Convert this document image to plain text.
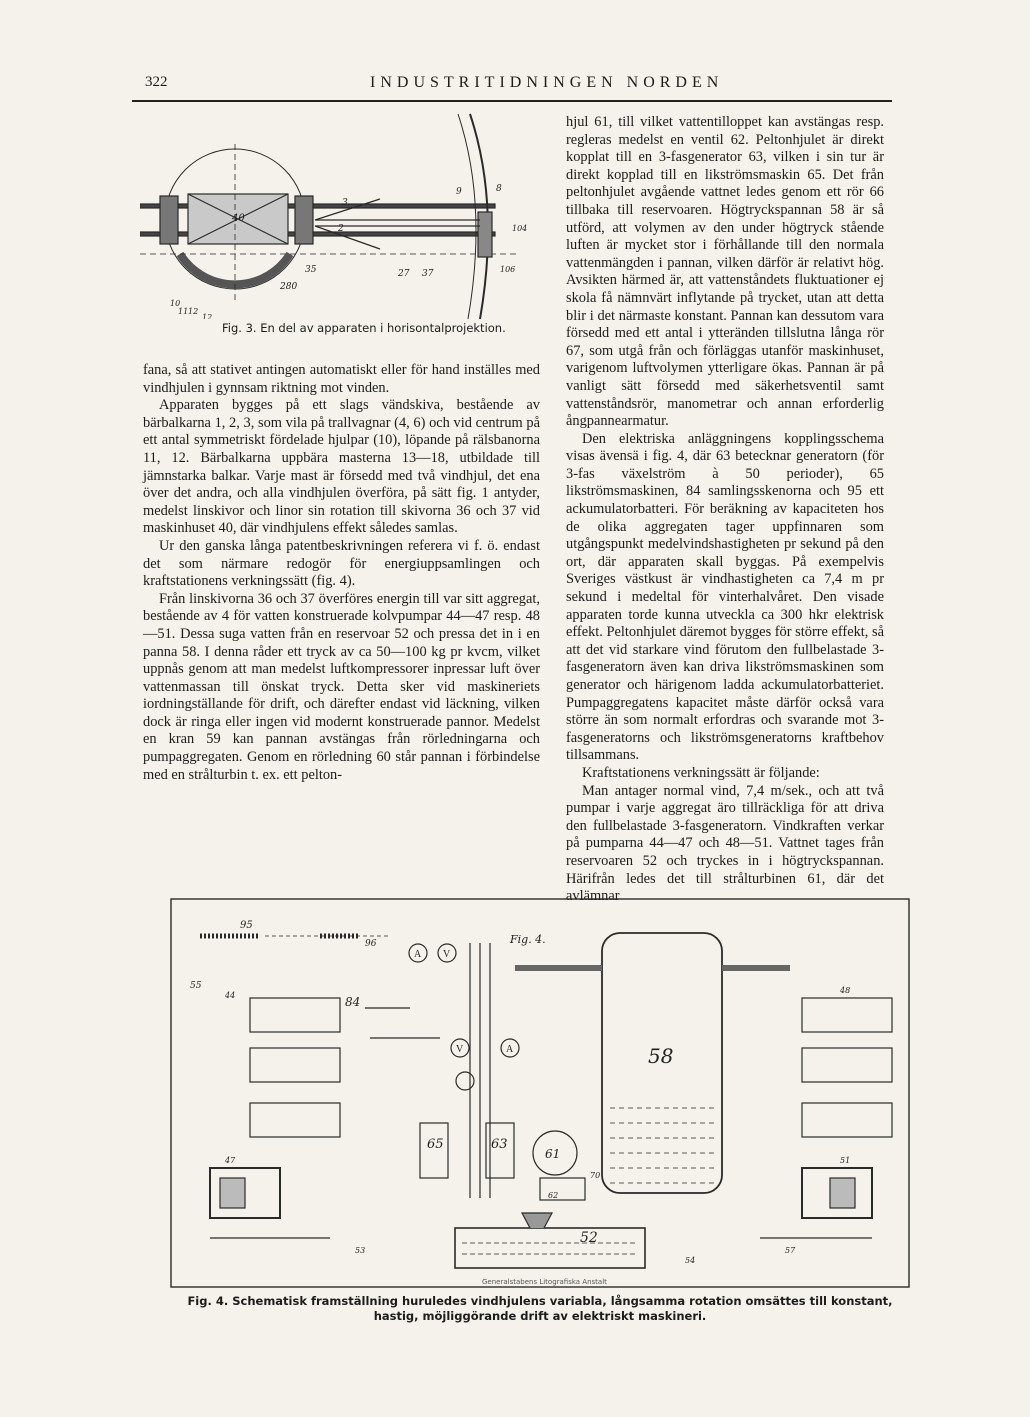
322	INDUSTRITIDNINGEN NORDEN
3
9	8
40
2	104
12
35
280
27 37	106
10
11
12
Fig. 3. En del av apparaten i horisontalprojektion.

fana, så att stativet antingen automatiskt eller för hand inställes med vindhjulen i gynnsam riktning mot vinden.

Apparaten bygges på ett slags vändskiva, bestående av bärbalkarna 1, 2, 3, som vila på trallvagnar (4, 6) och vid centrum på ett antal symmetriskt fördelade hjulpar (10), löpande på rälsbanorna 11, 12. Bärbalkarna uppbära masterna 13—18, utbildade till jämnstarka balkar. Varje mast är försedd med två vindhjul, det ena över det andra, och alla vindhjulen överföra, på sätt fig. 1 antyder, medelst linskivor och linor sin rotation till skivorna 36 och 37 vid maskinhuset 40, där vindhjulens effekt således samlas.

Ur den ganska långa patentbeskrivningen referera vi f. ö. endast det som närmare redogör för energiuppsamlingen och kraftstationens verkningssätt (fig. 4).

Från linskivorna 36 och 37 överföres energin till var sitt aggregat, bestående av 4 för vatten konstruerade kolvpumpar 44—47 resp. 48—51. Dessa suga vatten från en reservoar 52 och pressa det in i en panna 58. I denna råder ett tryck av ca 50—100 kg pr kvcm, vilket uppnås genom att man medelst luftkompressorer inpressar luft över vattenmassan till önskat tryck. Detta sker vid maskineriets iordningställande för drift, och därefter endast vid läckning, vilken dock är ringa eller ingen vid modernt konstruerade pannor. Medelst en kran 59 kan pannan avstängas från rörledningarna och pumpaggregaten. Genom en rörledning 60 står pannan i förbindelse med en strålturbin t. ex. ett pelton-

hjul 61, till vilket vattentilloppet kan avstängas resp. regleras medelst en ventil 62. Peltonhjulet är direkt kopplat till en 3-fasgenerator 63, vilken i sin tur är direkt kopplad till en likströmsmaskin 65. Det från peltonhjulet avgående vattnet ledes genom ett rör 66 tillbaka till reservoaren. Högtryckspannan 58 är så utförd, att volymen av den under högtryck stående luften är mycket stor i förhållande till den normala vattenmängden i pannan, vilken därför är relativt hög. Avsikten härmed är, att vattenståndets fluktuationer ej skola få nämnvärt inflytande på trycket, utan att detta blir i det närmaste konstant. Pannan kan dessutom vara försedd med ett antal i ytteränden tillslutna långa rör 67, som utgå från och förläggas utanför maskinhuset, varigenom luftvolymen ytterligare ökas. Pannan är på vanligt sätt försedd med säkerhetsventil samt vattenståndsrör, manometrar och annan erforderlig ångpannearmatur.

Den elektriska anläggningens kopplingsschema visas ävensä i fig. 4, där 63 betecknar generatorn (för 3-fas växelström à 50 perioder), 65 likströmsmaskinen, 84 samlingsskenorna och 95 ett ackumulatorbatteri. För beräkning av kapaciteten hos de olika aggregaten tager uppfinnaren som utgångspunkt medelvindshastigheten pr sekund på den ort, där apparaten skall byggas. På exempelvis Sveriges västkust är vindhastigheten ca 7,4 m pr sekund i medeltal för vinterhalvåret. Den visade apparaten torde kunna utveckla ca 300 hkr elektrisk effekt. Peltonhjulet däremot bygges för större effekt, så att det vid starkare vind förutom den fullbelastade 3-fasgeneratorn även kan driva likströmsmaskinen som generator och härigenom ladda ackumulatorbatteriet. Pumpaggregatens kapacitet måste därför också vara större än som normalt erfordras och svarande mot 3-fasgeneratorns och likströmsgeneratorns kraftbehov tillsammans.

Kraftstationens verkningssätt är följande:

Man antager normal vind, 7,4 m/sek., och att två pumpar i varje aggregat äro tillräckliga för att driva den fullbelastade 3-fasgeneratorn. Vindkraften verkar på pumparna 44—47 och 48—51. Vattnet tages från reservoaren 52 och tryckes in i högtryckspannan. Härifrån ledes det till strålturbinen 61, där det avlämnar

95
96
55
A V
84
V	A
65	63
61
58
52
44
47
48
51
53
54
57
62
70
Fig. 4.
Generalstabens Litografiska Anstalt
Fig. 4. Schematisk framställning huruledes vindhjulens variabla, långsamma rotation omsättes till konstant, hastig, möjliggörande drift av elektriskt maskineri.
